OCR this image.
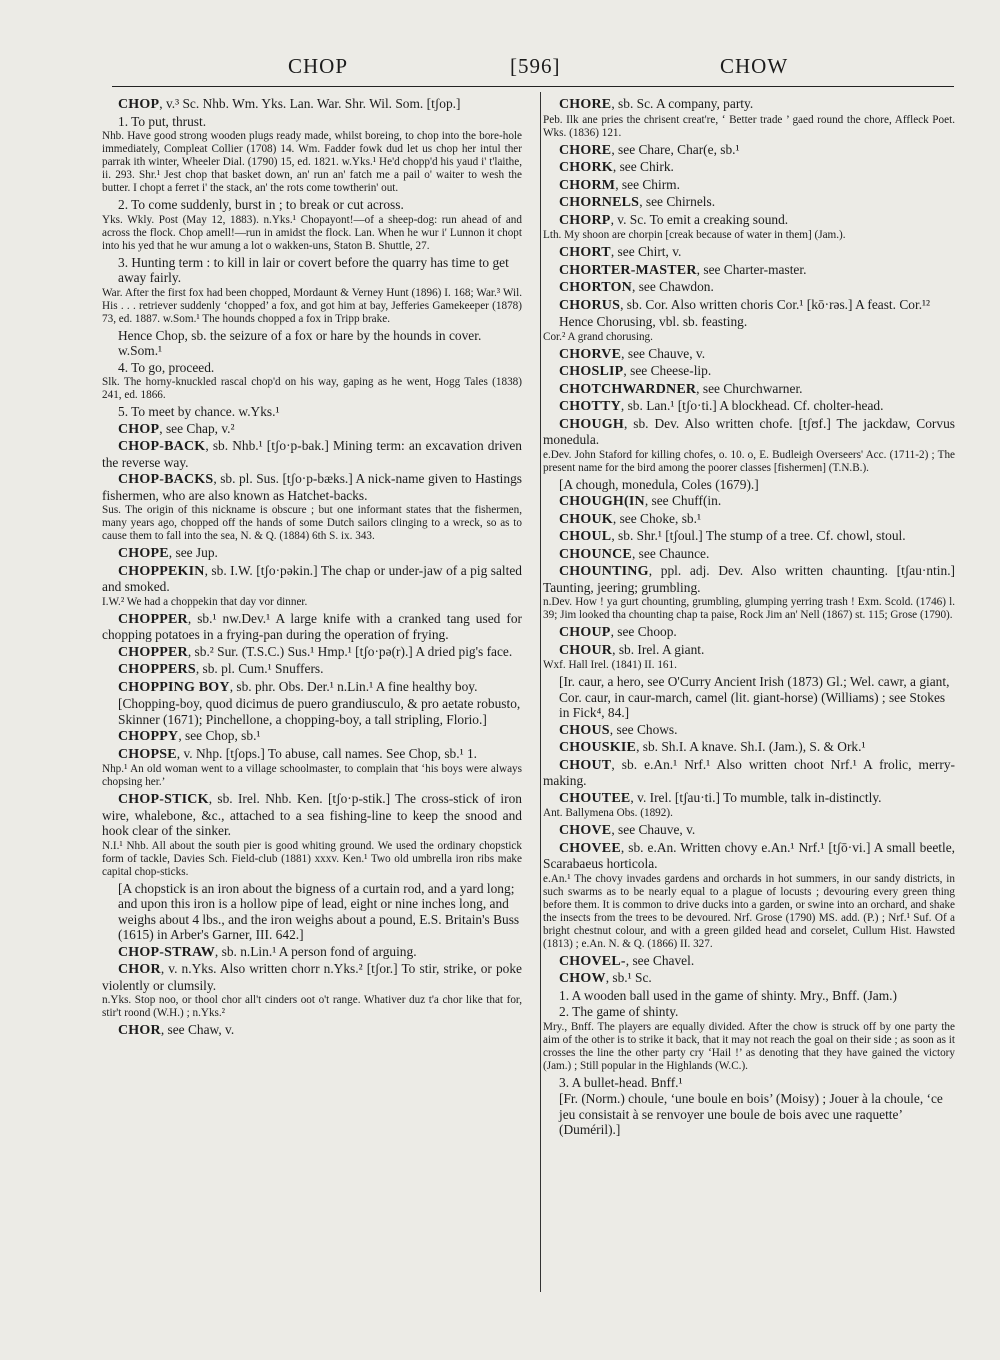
CHOP	[596]	CHOW

CHOP, v.³ Sc. Nhb. Wm. Yks. Lan. War. Shr. Wil. Som. [tʃop.]

1. To put, thrust.

Nhb. Have good strong wooden plugs ready made, whilst boreing, to chop into the bore-hole immediately, Compleat Collier (1708) 14. Wm. Fadder fowk dud let us chop her intul ther parrak ith winter, Wheeler Dial. (1790) 15, ed. 1821. w.Yks.¹ He'd chopp'd his yaud i' t'laithe, ii. 293. Shr.¹ Jest chop that basket down, an' run an' fatch me a pail o' waiter to wesh the butter. I chopt a ferret i' the stack, an' the rots come towtherin' out.

2. To come suddenly, burst in ; to break or cut across.

Yks. Wkly. Post (May 12, 1883). n.Yks.¹ Chopayont!—of a sheep-dog: run ahead of and across the flock. Chop amell!—run in amidst the flock. Lan. When he wur i' Lunnon it chopt into his yed that he wur amung a lot o wakken-uns, Staton B. Shuttle, 27.

3. Hunting term : to kill in lair or covert before the quarry has time to get away fairly.

War. After the first fox had been chopped, Mordaunt & Verney Hunt (1896) I. 168; War.³ Wil. His . . . retriever suddenly ‘chopped’ a fox, and got him at bay, Jefferies Gamekeeper (1878) 73, ed. 1887. w.Som.¹ The hounds chopped a fox in Tripp brake.

Hence Chop, sb. the seizure of a fox or hare by the hounds in cover. w.Som.¹

4. To go, proceed.

Slk. The horny-knuckled rascal chop'd on his way, gaping as he went, Hogg Tales (1838) 241, ed. 1866.

5. To meet by chance. w.Yks.¹

CHOP, see Chap, v.²

CHOP-BACK, sb. Nhb.¹ [tʃo·p-bak.] Mining term: an excavation driven the reverse way.

CHOP-BACKS, sb. pl. Sus. [tʃo·p-bæks.] A nick-name given to Hastings fishermen, who are also known as Hatchet-backs.

Sus. The origin of this nickname is obscure ; but one informant states that the fishermen, many years ago, chopped off the hands of some Dutch sailors clinging to a wreck, so as to cause them to fall into the sea, N. & Q. (1884) 6th S. ix. 343.

CHOPE, see Jup.

CHOPPEKIN, sb. I.W. [tʃo·pəkin.] The chap or under-jaw of a pig salted and smoked.

I.W.² We had a choppekin that day vor dinner.

CHOPPER, sb.¹ nw.Dev.¹ A large knife with a cranked tang used for chopping potatoes in a frying-pan during the operation of frying.

CHOPPER, sb.² Sur. (T.S.C.) Sus.¹ Hmp.¹ [tʃo·pə(r).] A dried pig's face.

CHOPPERS, sb. pl. Cum.¹ Snuffers.

CHOPPING BOY, sb. phr. Obs. Der.¹ n.Lin.¹ A fine healthy boy.

[Chopping-boy, quod dicimus de puero grandiusculo, & pro aetate robusto, Skinner (1671); Pinchellone, a chopping-boy, a tall stripling, Florio.]

CHOPPY, see Chop, sb.¹

CHOPSE, v. Nhp. [tʃops.] To abuse, call names. See Chop, sb.¹ 1.

Nhp.¹ An old woman went to a village schoolmaster, to complain that ‘his boys were always chopsing her.’

CHOP-STICK, sb. Irel. Nhb. Ken. [tʃo·p-stik.] The cross-stick of iron wire, whalebone, &c., attached to a sea fishing-line to keep the snood and hook clear of the sinker.

N.I.¹ Nhb. All about the south pier is good whiting ground. We used the ordinary chopstick form of tackle, Davies Sch. Field-club (1881) xxxv. Ken.¹ Two old umbrella iron ribs make capital chop-sticks.

[A chopstick is an iron about the bigness of a curtain rod, and a yard long; and upon this iron is a hollow pipe of lead, eight or nine inches long, and weighs about 4 lbs., and the iron weighs about a pound, E.S. Britain's Buss (1615) in Arber's Garner, III. 642.]

CHOP-STRAW, sb. n.Lin.¹ A person fond of arguing.

CHOR, v. n.Yks. Also written chorr n.Yks.² [tʃor.] To stir, strike, or poke violently or clumsily.

n.Yks. Stop noo, or thool chor all't cinders oot o't range. Whativer duz t'a chor like that for, stir't roond (W.H.) ; n.Yks.²

CHOR, see Chaw, v.

CHORE, sb. Sc. A company, party.

Peb. Ilk ane pries the chrisent creat're, ‘ Better trade ’ gaed round the chore, Affleck Poet. Wks. (1836) 121.

CHORE, see Chare, Char(e, sb.¹

CHORK, see Chirk.

CHORM, see Chirm.

CHORNELS, see Chirnels.

CHORP, v. Sc. To emit a creaking sound.

Lth. My shoon are chorpin [creak because of water in them] (Jam.).

CHORT, see Chirt, v.

CHORTER-MASTER, see Charter-master.

CHORTON, see Chawdon.

CHORUS, sb. Cor. Also written choris Cor.¹ [kō·rəs.] A feast. Cor.¹²

Hence Chorusing, vbl. sb. feasting.

Cor.² A grand chorusing.

CHORVE, see Chauve, v.

CHOSLIP, see Cheese-lip.

CHOTCHWARDNER, see Churchwarner.

CHOTTY, sb. Lan.¹ [tʃo·ti.] A blockhead. Cf. cholter-head.

CHOUGH, sb. Dev. Also written chofe. [tʃʊf.] The jackdaw, Corvus monedula.

e.Dev. John Staford for killing chofes, o. 10. o, E. Budleigh Overseers' Acc. (1711-2) ; The present name for the bird among the poorer classes [fishermen] (T.N.B.).

[A chough, monedula, Coles (1679).]

CHOUGH(IN, see Chuff(in.

CHOUK, see Choke, sb.¹

CHOUL, sb. Shr.¹ [tʃoul.] The stump of a tree. Cf. chowl, stoul.

CHOUNCE, see Chaunce.

CHOUNTING, ppl. adj. Dev. Also written chaunting. [tʃau·ntin.] Taunting, jeering; grumbling.

n.Dev. How ! ya gurt chounting, grumbling, glumping yerring trash ! Exm. Scold. (1746) l. 39; Jim looked tha chounting chap ta paise, Rock Jim an' Nell (1867) st. 115; Grose (1790).

CHOUP, see Choop.

CHOUR, sb. Irel. A giant.

Wxf. Hall Irel. (1841) II. 161.

[Ir. caur, a hero, see O'Curry Ancient Irish (1873) Gl.; Wel. cawr, a giant, Cor. caur, in caur-march, camel (lit. giant-horse) (Williams) ; see Stokes in Fick⁴, 84.]

CHOUS, see Chows.

CHOUSKIE, sb. Sh.I. A knave. Sh.I. (Jam.), S. & Ork.¹

CHOUT, sb. e.An.¹ Nrf.¹ Also written choot Nrf.¹ A frolic, merry-making.

CHOUTEE, v. Irel. [tʃau·ti.] To mumble, talk in-distinctly.

Ant. Ballymena Obs. (1892).

CHOVE, see Chauve, v.

CHOVEE, sb. e.An. Written chovy e.An.¹ Nrf.¹ [tʃō·vi.] A small beetle, Scarabaeus horticola.

e.An.¹ The chovy invades gardens and orchards in hot summers, in our sandy districts, in such swarms as to be nearly equal to a plague of locusts ; devouring every green thing before them. It is common to drive ducks into a garden, or swine into an orchard, and shake the insects from the trees to be devoured. Nrf. Grose (1790) MS. add. (P.) ; Nrf.¹ Suf. Of a bright chestnut colour, and with a green gilded head and corselet, Cullum Hist. Hawsted (1813) ; e.An. N. & Q. (1866) II. 327.

CHOVEL-, see Chavel.

CHOW, sb.¹ Sc.

1. A wooden ball used in the game of shinty. Mry., Bnff. (Jam.)

2. The game of shinty.

Mry., Bnff. The players are equally divided. After the chow is struck off by one party the aim of the other is to strike it back, that it may not reach the goal on their side ; as soon as it crosses the line the other party cry ‘Hail !’ as denoting that they have gained the victory (Jam.) ; Still popular in the Highlands (W.C.).

3. A bullet-head. Bnff.¹

[Fr. (Norm.) choule, ‘une boule en bois’ (Moisy) ; Jouer à la choule, ‘ce jeu consistait à se renvoyer une boule de bois avec une raquette’ (Duméril).]
